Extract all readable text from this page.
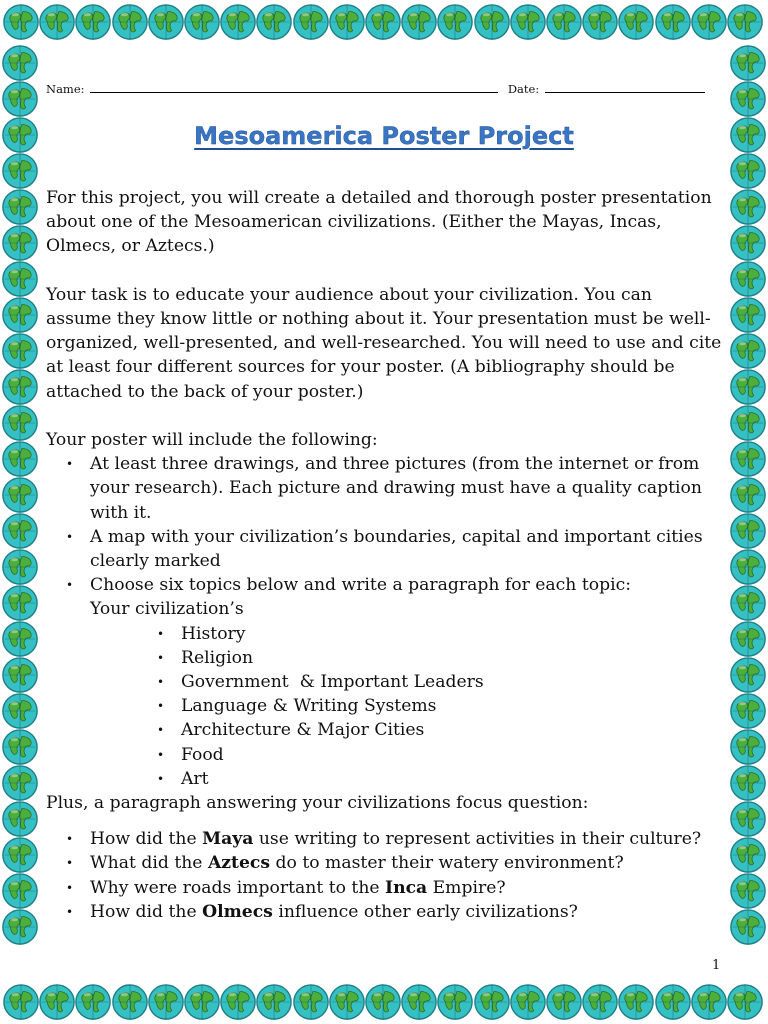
Name:	Date:
Mesoamerica Poster Project

For this project, you will create a detailed and thorough poster presentation about one of the Mesoamerican civilizations. (Either the Mayas, Incas, Olmecs, or Aztecs.)

Your task is to educate your audience about your civilization. You can assume they know little or nothing about it. Your presentation must be well-organized, well-presented, and well-researched. You will need to use and cite at least four different sources for your poster. (A bibliography should be attached to the back of your poster.)

Your poster will include the following:

• At least three drawings, and three pictures (from the internet or from your research). Each picture and drawing must have a quality caption with it.
• A map with your civilization’s boundaries, capital and important cities clearly marked
• Choose six topics below and write a paragraph for each topic:

Your civilization’s

• History
• Religion
• Government  & Important Leaders
• Language & Writing Systems
• Architecture & Major Cities
• Food
• Art

Plus, a paragraph answering your civilizations focus question:

• How did the Maya use writing to represent activities in their culture?
• What did the Aztecs do to master their watery environment?
• Why were roads important to the Inca Empire?
• How did the Olmecs influence other early civilizations?
1
